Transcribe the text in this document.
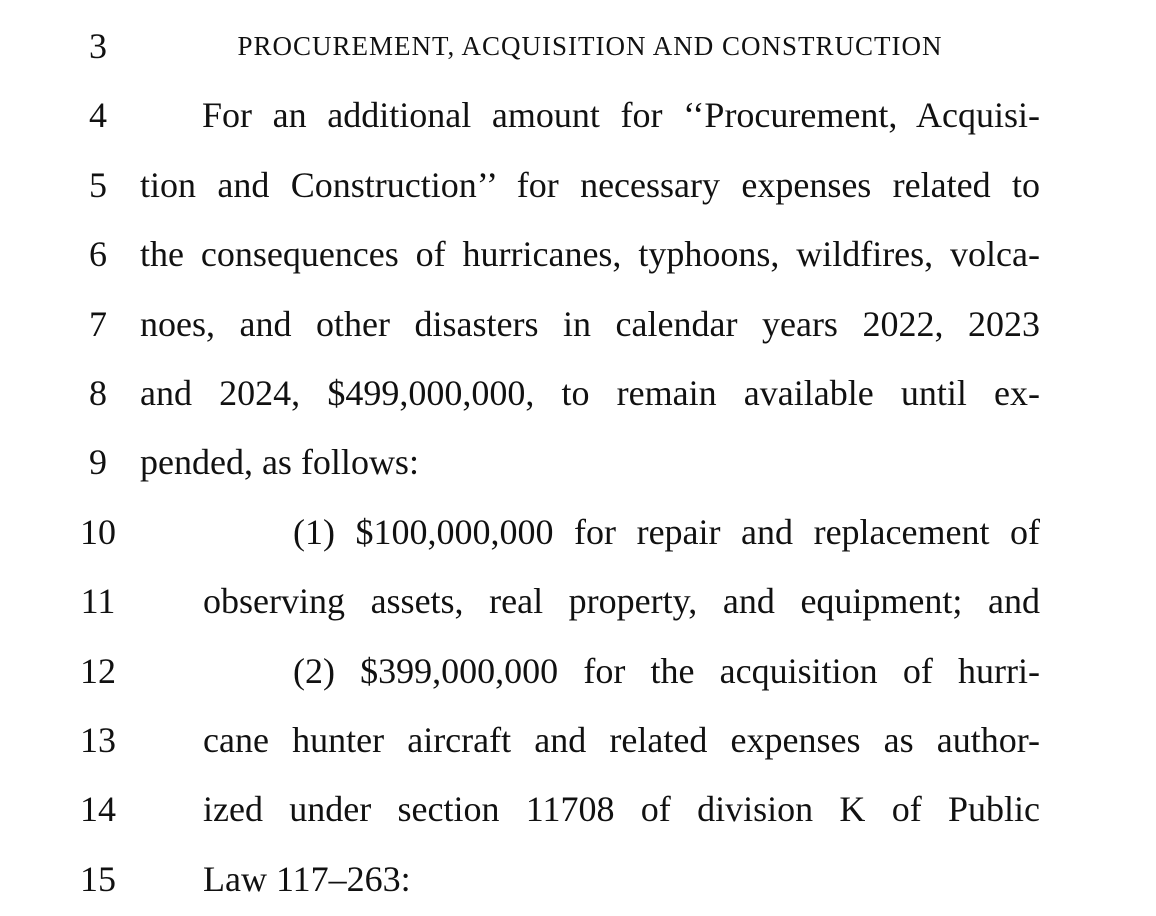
3	PROCUREMENT, ACQUISITION AND CONSTRUCTION
4	For an additional amount for ‘‘Procurement, Acquisi-
5 tion and Construction’’ for necessary expenses related to
6 the consequences of hurricanes, typhoons, wildfires, volca-
7 noes, and other disasters in calendar years 2022, 2023
8 and 2024, $499,000,000, to remain available until ex-
9 pended, as follows:
10	(1) $100,000,000 for repair and replacement of
11	observing assets, real property, and equipment; and
12	(2) $399,000,000 for the acquisition of hurri-
13	cane hunter aircraft and related expenses as author-
14	ized under section 11708 of division K of Public
15	Law 117–263:
